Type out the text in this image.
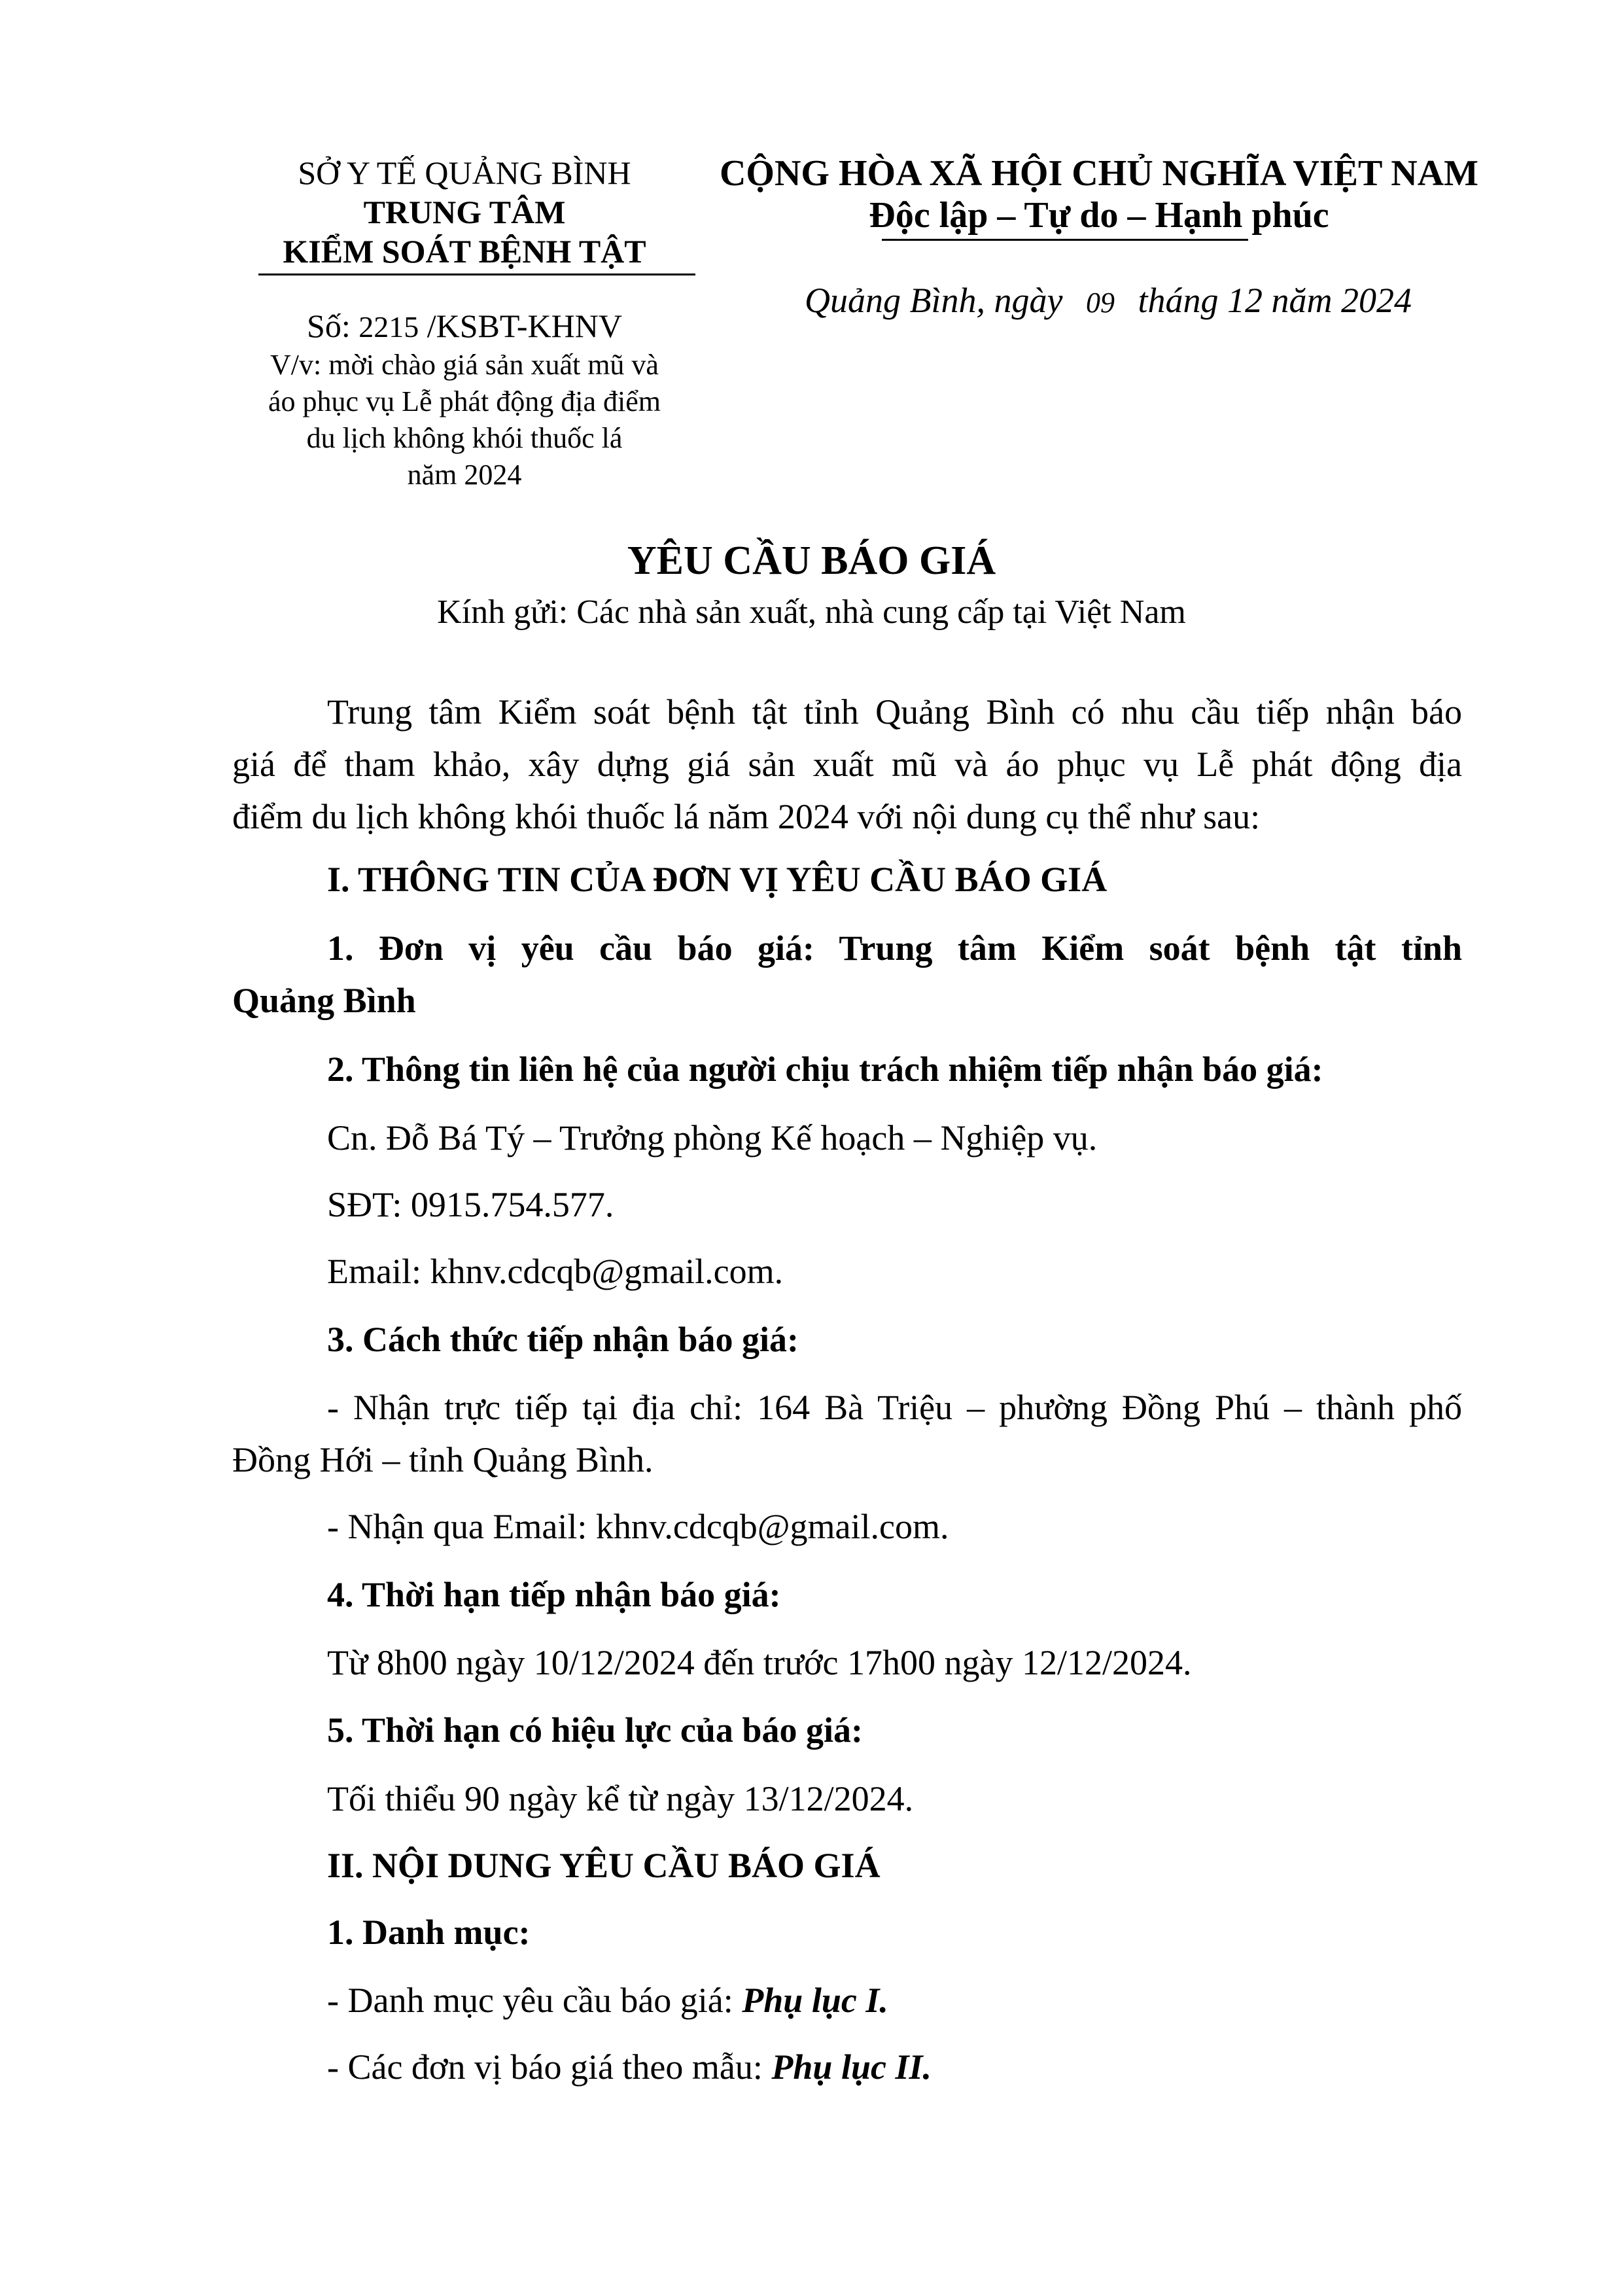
SỞ Y TẾ QUẢNG BÌNH
TRUNG TÂM
KIỂM SOÁT BỆNH TẬT
Số: 2215 /KSBT-KHNV
V/v: mời chào giá sản xuất mũ và
áo phục vụ Lễ phát động địa điểm
du lịch không khói thuốc lá
năm 2024
CỘNG HÒA XÃ HỘI CHỦ NGHĨA VIỆT NAM
Độc lập – Tự do – Hạnh phúc
Quảng Bình, ngày 09 tháng 12 năm 2024
YÊU CẦU BÁO GIÁ
Kính gửi: Các nhà sản xuất, nhà cung cấp tại Việt Nam
Trung tâm Kiểm soát bệnh tật tỉnh Quảng Bình có nhu cầu tiếp nhận báo
giá để tham khảo, xây dựng giá sản xuất mũ và áo phục vụ Lễ phát động địa
điểm du lịch không khói thuốc lá năm 2024 với nội dung cụ thể như sau:
I. THÔNG TIN CỦA ĐƠN VỊ YÊU CẦU BÁO GIÁ
1. Đơn vị yêu cầu báo giá: Trung tâm Kiểm soát bệnh tật tỉnh
Quảng Bình
2. Thông tin liên hệ của người chịu trách nhiệm tiếp nhận báo giá:
Cn. Đỗ Bá Tý – Trưởng phòng Kế hoạch – Nghiệp vụ.
SĐT: 0915.754.577.
Email: khnv.cdcqb@gmail.com.
3. Cách thức tiếp nhận báo giá:
- Nhận trực tiếp tại địa chỉ: 164 Bà Triệu – phường Đồng Phú – thành phố
Đồng Hới – tỉnh Quảng Bình.
- Nhận qua Email: khnv.cdcqb@gmail.com.
4. Thời hạn tiếp nhận báo giá:
Từ 8h00 ngày 10/12/2024 đến trước 17h00 ngày 12/12/2024.
5. Thời hạn có hiệu lực của báo giá:
Tối thiểu 90 ngày kể từ ngày 13/12/2024.
II. NỘI DUNG YÊU CẦU BÁO GIÁ
1. Danh mục:
- Danh mục yêu cầu báo giá: Phụ lục I.
- Các đơn vị báo giá theo mẫu: Phụ lục II.
